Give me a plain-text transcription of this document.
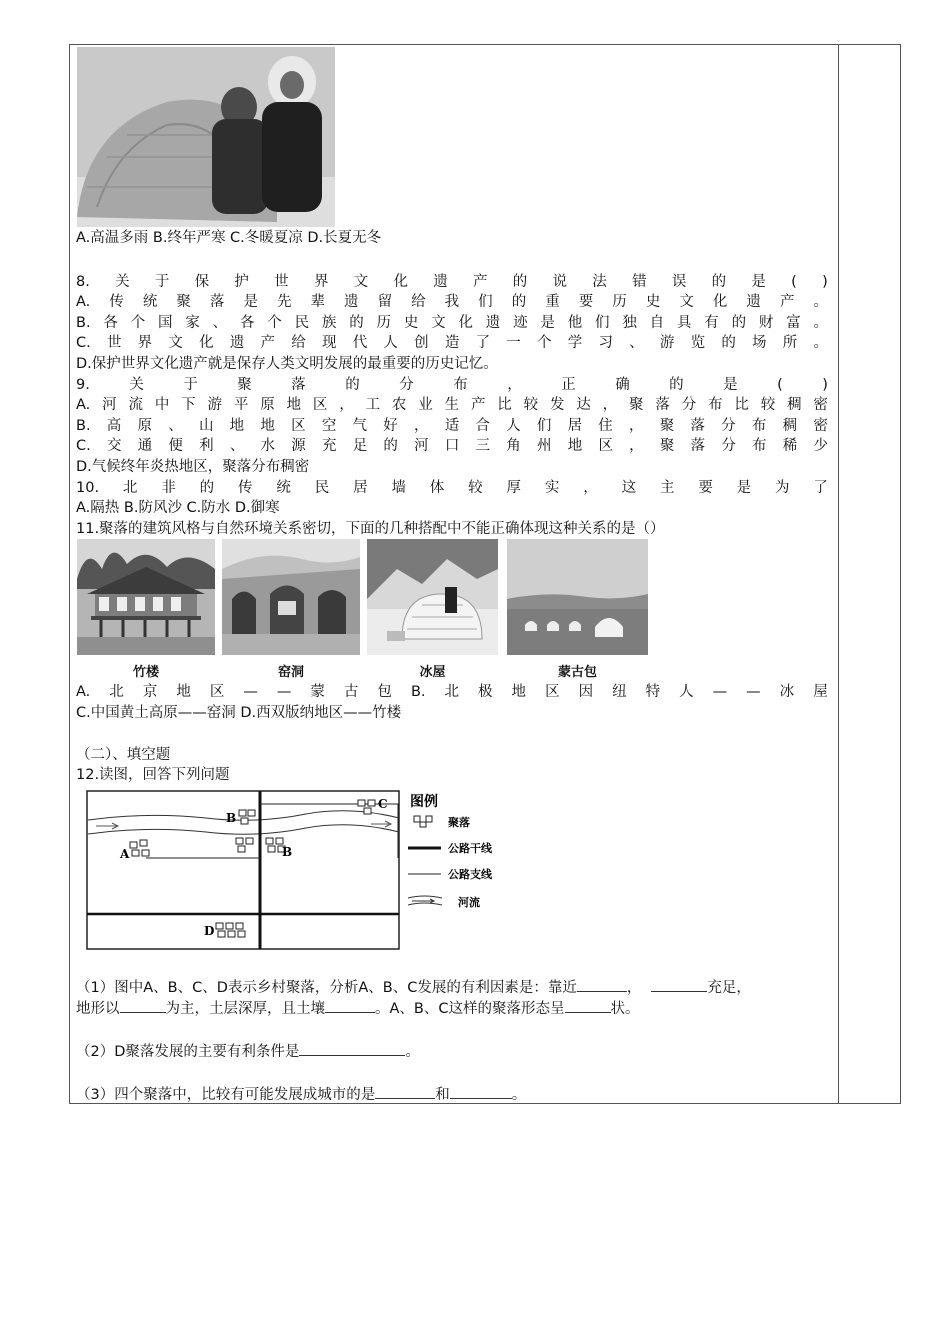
A.高温多雨 B.终年严寒 C.冬暖夏凉 D.长夏无冬
8. 关 于 保 护 世 界 文 化 遗 产 的 说 法 错 误 的 是 ( )
A. 传 统 聚 落 是 先 辈 遗 留 给 我 们 的 重 要 历 史 文 化 遗 产 。
B. 各 个 国 家 、 各 个 民 族 的 历 史 文 化 遗 迹 是 他 们 独 自 具 有 的 财 富 。
C. 世 界 文 化 遗 产 给 现 代 人 创 造 了 一 个 学 习 、 游 览 的 场 所 。
D.保护世界文化遗产就是保存人类文明发展的最重要的历史记忆。
9.	关	于	聚	落	的	分	布	，	正	确	的	是	(	)
A. 河 流 中 下 游 平 原 地 区 ， 工 农 业 生 产 比 较 发 达 ， 聚 落 分 布 比 较 稠 密
B. 高 原 、 山 地 地 区 空 气 好 ， 适 合 人 们 居 住 ， 聚 落 分 布 稠 密
C. 交 通 便 利 、 水 源 充 足 的 河 口 三 角 州 地 区 ， 聚 落 分 布 稀 少
D.气候终年炎热地区，聚落分布稠密
10. 北 非 的 传 统 民 居 墙 体 较 厚 实 ， 这 主 要 是 为 了
A.隔热 B.防风沙 C.防水 D.御寒
11.聚落的建筑风格与自然环境关系密切，下面的几种搭配中不能正确体现这种关系的是（）
竹楼	窑洞	冰屋	蒙古包
A. 北 京 地 区 — — 蒙 古 包 B. 北 极 地 区 因 纽 特 人 — — 冰 屋
C.中国黄土高原——窑洞 D.西双版纳地区——竹楼
（二）、填空题
12.读图，回答下列问题
A
B
B
C
D
图例
聚落
公路干线
公路支线
河流
（1）图中A、B、C、D表示乡村聚落，分析A、B、C发展的有利因素是：靠近	，	充足，
地形以	为主，土层深厚，且土壤	。A、B、C这样的聚落形态呈	状。
（2）D聚落发展的主要有利条件是	。
（3）四个聚落中，比较有可能发展成城市的是	和	。
